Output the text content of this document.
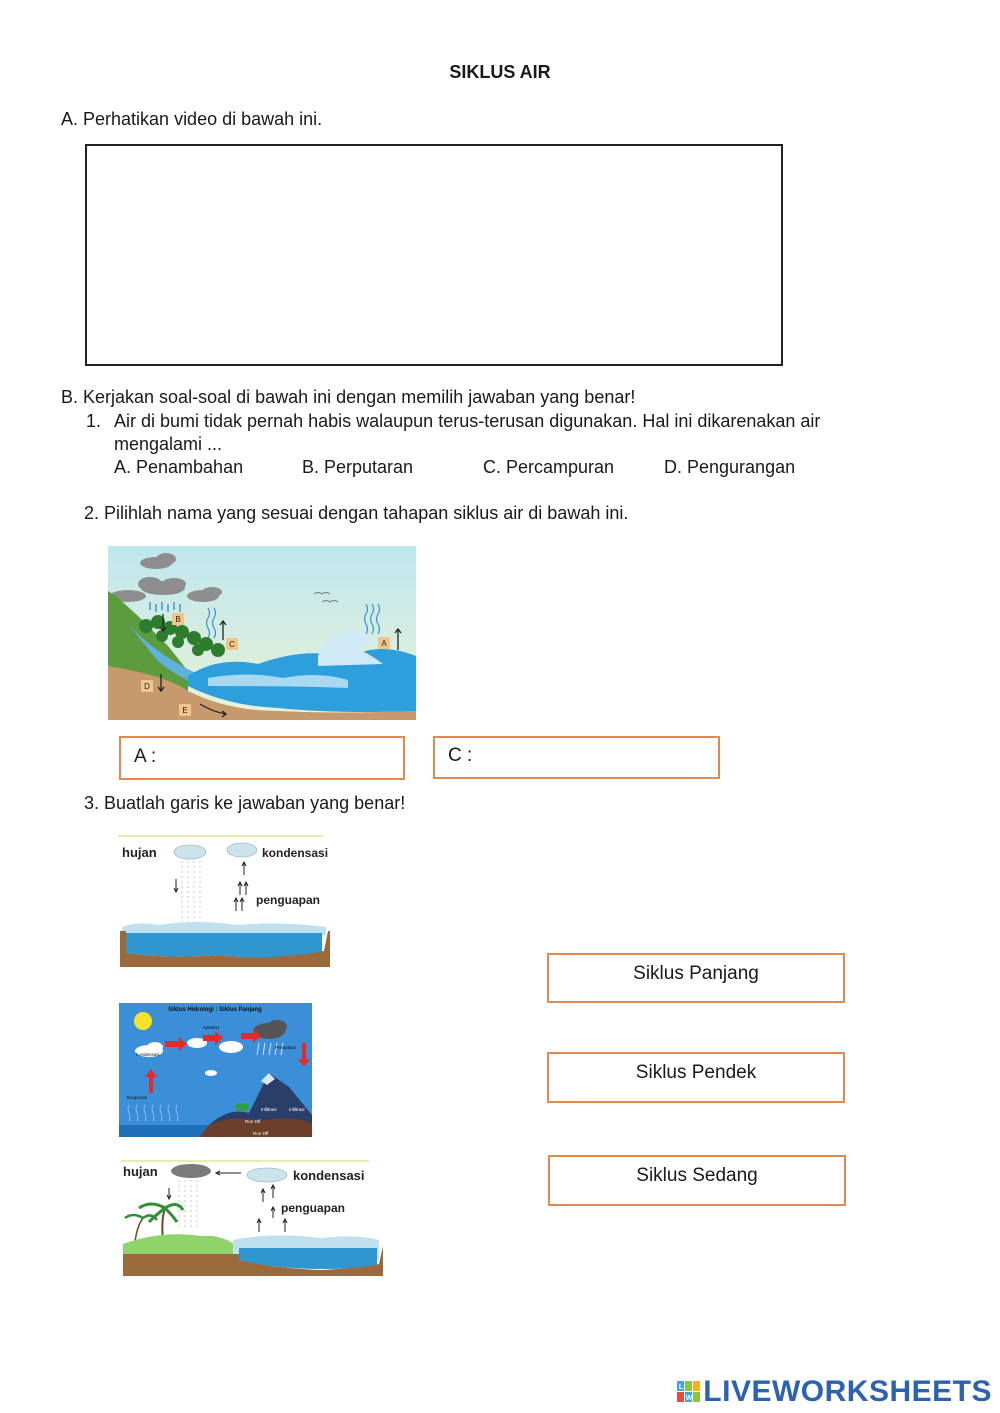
SIKLUS AIR
A. Perhatikan video di bawah ini.
B. Kerjakan soal-soal di bawah ini dengan memilih jawaban yang benar!
1. Air di bumi tidak pernah habis walaupun terus-terusan digunakan. Hal ini dikarenakan air
mengalami ...
A. Penambahan	B. Perputaran	C. Percampuran	D. Pengurangan
2. Pilihlah nama yang sesuai dengan tahapan siklus air di bawah ini.
B
C	A
D
E
A :	C :
3. Buatlah garis ke jawaban yang benar!
hujan	kondensasi
penguapan
Siklus Hidrologi : Siklus Panjang
Kondensasi
Adveksi
Presipitasi
Evaporasi
Infiltrasi	Infiltrasi
Run Off
Run Off
hujan	kondensasi
penguapan
Siklus Panjang
Siklus Pendek
Siklus Sedang
L
W LIVEWORKSHEETS
